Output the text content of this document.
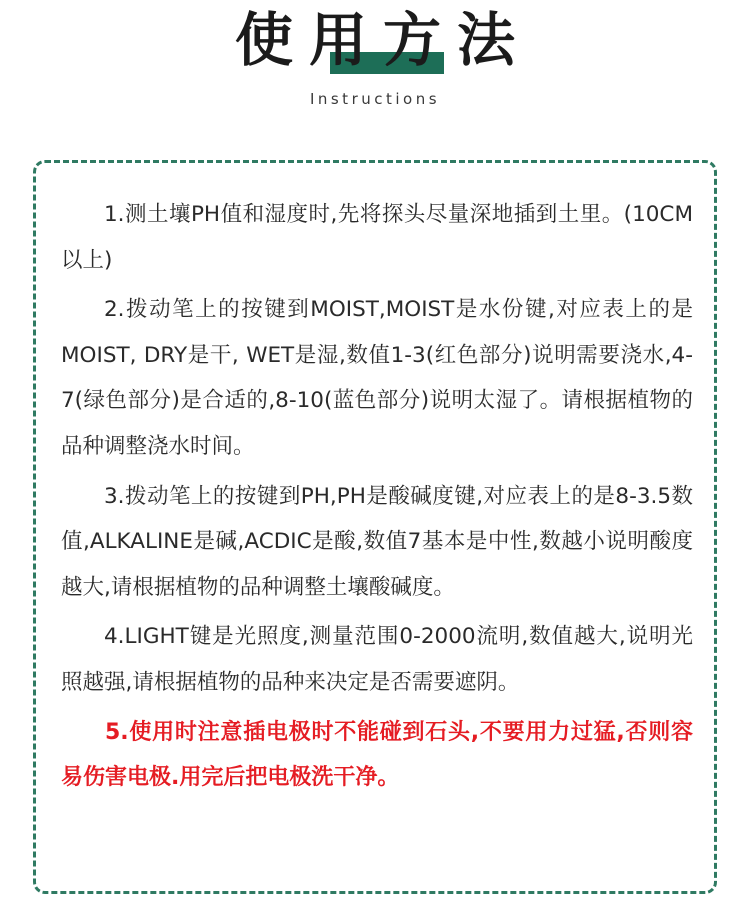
使用方法
Instructions

1.测土壤PH值和湿度时,先将探头尽量深地插到土里。(10CM以上)

2.拨动笔上的按键到MOIST,MOIST是水份键,对应表上的是MOIST, DRY是干, WET是湿,数值1-3(红色部分)说明需要浇水,4-7(绿色部分)是合适的,8-10(蓝色部分)说明太湿了。请根据植物的品种调整浇水时间。

3.拨动笔上的按键到PH,PH是酸碱度键,对应表上的是8-3.5数值,ALKALINE是碱,ACDIC是酸,数值7基本是中性,数越小说明酸度越大,请根据植物的品种调整土壤酸碱度。

4.LIGHT键是光照度,测量范围0-2000流明,数值越大,说明光照越强,请根据植物的品种来决定是否需要遮阴。

5.使用时注意插电极时不能碰到石头,不要用力过猛,否则容易伤害电极.用完后把电极洗干净。
